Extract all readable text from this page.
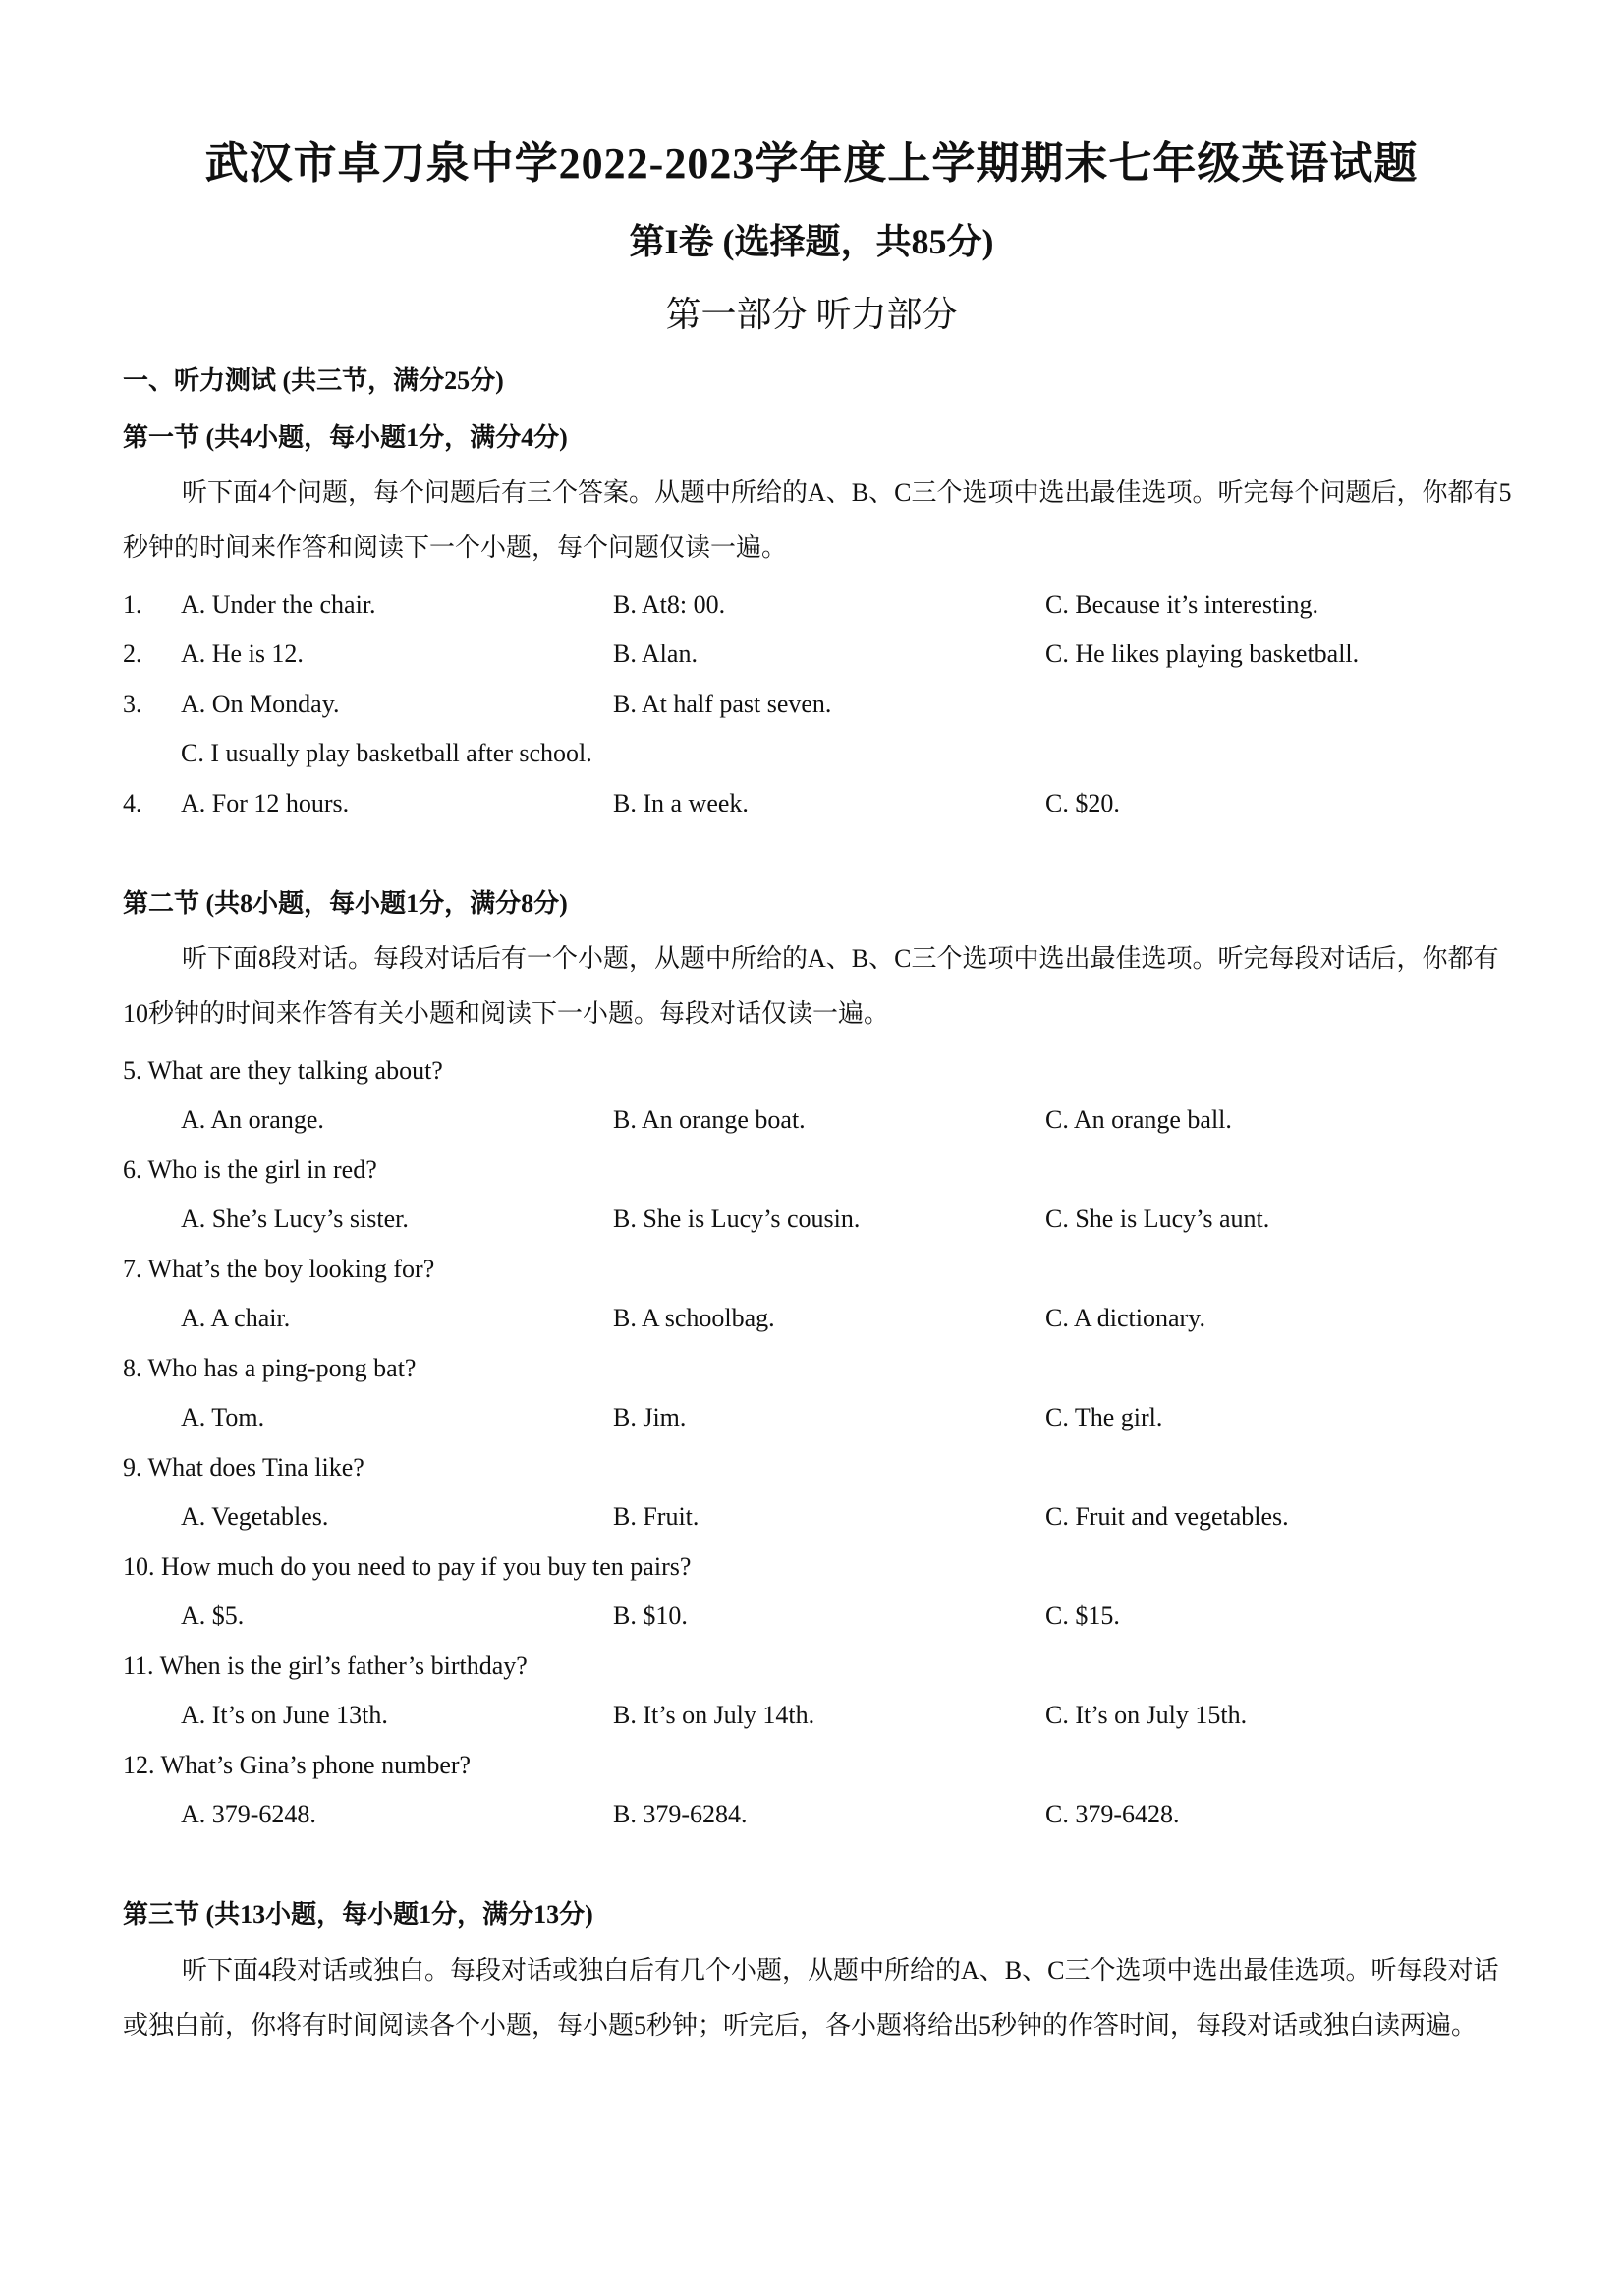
武汉市卓刀泉中学2022-2023学年度上学期期末七年级英语试题
第I卷 (选择题，共85分)
第一部分 听力部分
一、听力测试 (共三节，满分25分)
第一节 (共4小题，每小题1分，满分4分)
听下面4个问题，每个问题后有三个答案。从题中所给的A、B、C三个选项中选出最佳选项。听完每个问题后，你都有5秒钟的时间来作答和阅读下一个小题，每个问题仅读一遍。
1. A. Under the chair.	B. At8: 00.	C. Because it’s interesting.
2. A. He is 12.	B. Alan.	C. He likes playing basketball.
3. A. On Monday.	B. At half past seven.
C. I usually play basketball after school.
4. A. For 12 hours.	B. In a week.	C. $20.
第二节 (共8小题，每小题1分，满分8分)
听下面8段对话。每段对话后有一个小题，从题中所给的A、B、C三个选项中选出最佳选项。听完每段对话后，你都有10秒钟的时间来作答有关小题和阅读下一小题。每段对话仅读一遍。
5. What are they talking about?
A. An orange.	B. An orange boat.	C. An orange ball.
6. Who is the girl in red?
A. She’s Lucy’s sister.	B. She is Lucy’s cousin.	C. She is Lucy’s aunt.
7. What’s the boy looking for?
A. A chair.	B. A schoolbag.	C. A dictionary.
8. Who has a ping-pong bat?
A. Tom.	B. Jim.	C. The girl.
9. What does Tina like?
A. Vegetables.	B. Fruit.	C. Fruit and vegetables.
10. How much do you need to pay if you buy ten pairs?
A. $5.	B. $10.	C. $15.
11. When is the girl’s father’s birthday?
A. It’s on June 13th.	B. It’s on July 14th.	C. It’s on July 15th.
12. What’s Gina’s phone number?
A. 379-6248.	B. 379-6284.	C. 379-6428.
第三节 (共13小题，每小题1分，满分13分)
听下面4段对话或独白。每段对话或独白后有几个小题，从题中所给的A、B、C三个选项中选出最佳选项。听每段对话或独白前，你将有时间阅读各个小题，每小题5秒钟；听完后，各小题将给出5秒钟的作答时间，每段对话或独白读两遍。
